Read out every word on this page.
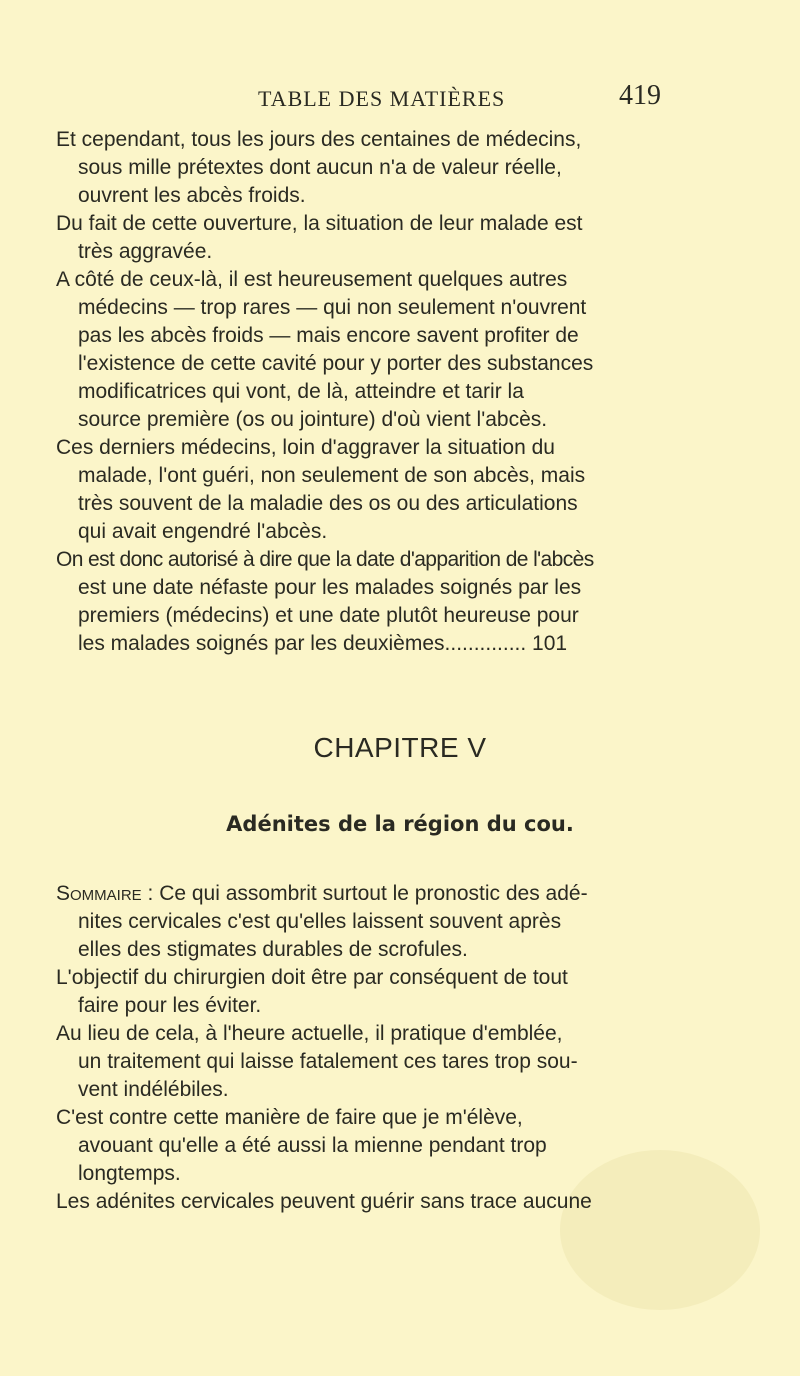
TABLE DES MATIÈRES	419
Et cependant, tous les jours des centaines de médecins,
sous mille prétextes dont aucun n'a de valeur réelle,
ouvrent les abcès froids.
Du fait de cette ouverture, la situation de leur malade est
très aggravée.
A côté de ceux-là, il est heureusement quelques autres
médecins — trop rares — qui non seulement n'ouvrent
pas les abcès froids — mais encore savent profiter de
l'existence de cette cavité pour y porter des substances
modificatrices qui vont, de là, atteindre et tarir la
source première (os ou jointure) d'où vient l'abcès.
Ces derniers médecins, loin d'aggraver la situation du
malade, l'ont guéri, non seulement de son abcès, mais
très souvent de la maladie des os ou des articulations
qui avait engendré l'abcès.
On est donc autorisé à dire que la date d'apparition de l'abcès
est une date néfaste pour les malades soignés par les
premiers (médecins) et une date plutôt heureuse pour
les malades soignés par les deuxièmes.............. 101
CHAPITRE V
Adénites de la région du cou.
Sommaire : Ce qui assombrit surtout le pronostic des adé-
nites cervicales c'est qu'elles laissent souvent après
elles des stigmates durables de scrofules.
L'objectif du chirurgien doit être par conséquent de tout
faire pour les éviter.
Au lieu de cela, à l'heure actuelle, il pratique d'emblée,
un traitement qui laisse fatalement ces tares trop sou-
vent indélébiles.
C'est contre cette manière de faire que je m'élève,
avouant qu'elle a été aussi la mienne pendant trop
longtemps.
Les adénites cervicales peuvent guérir sans trace aucune
